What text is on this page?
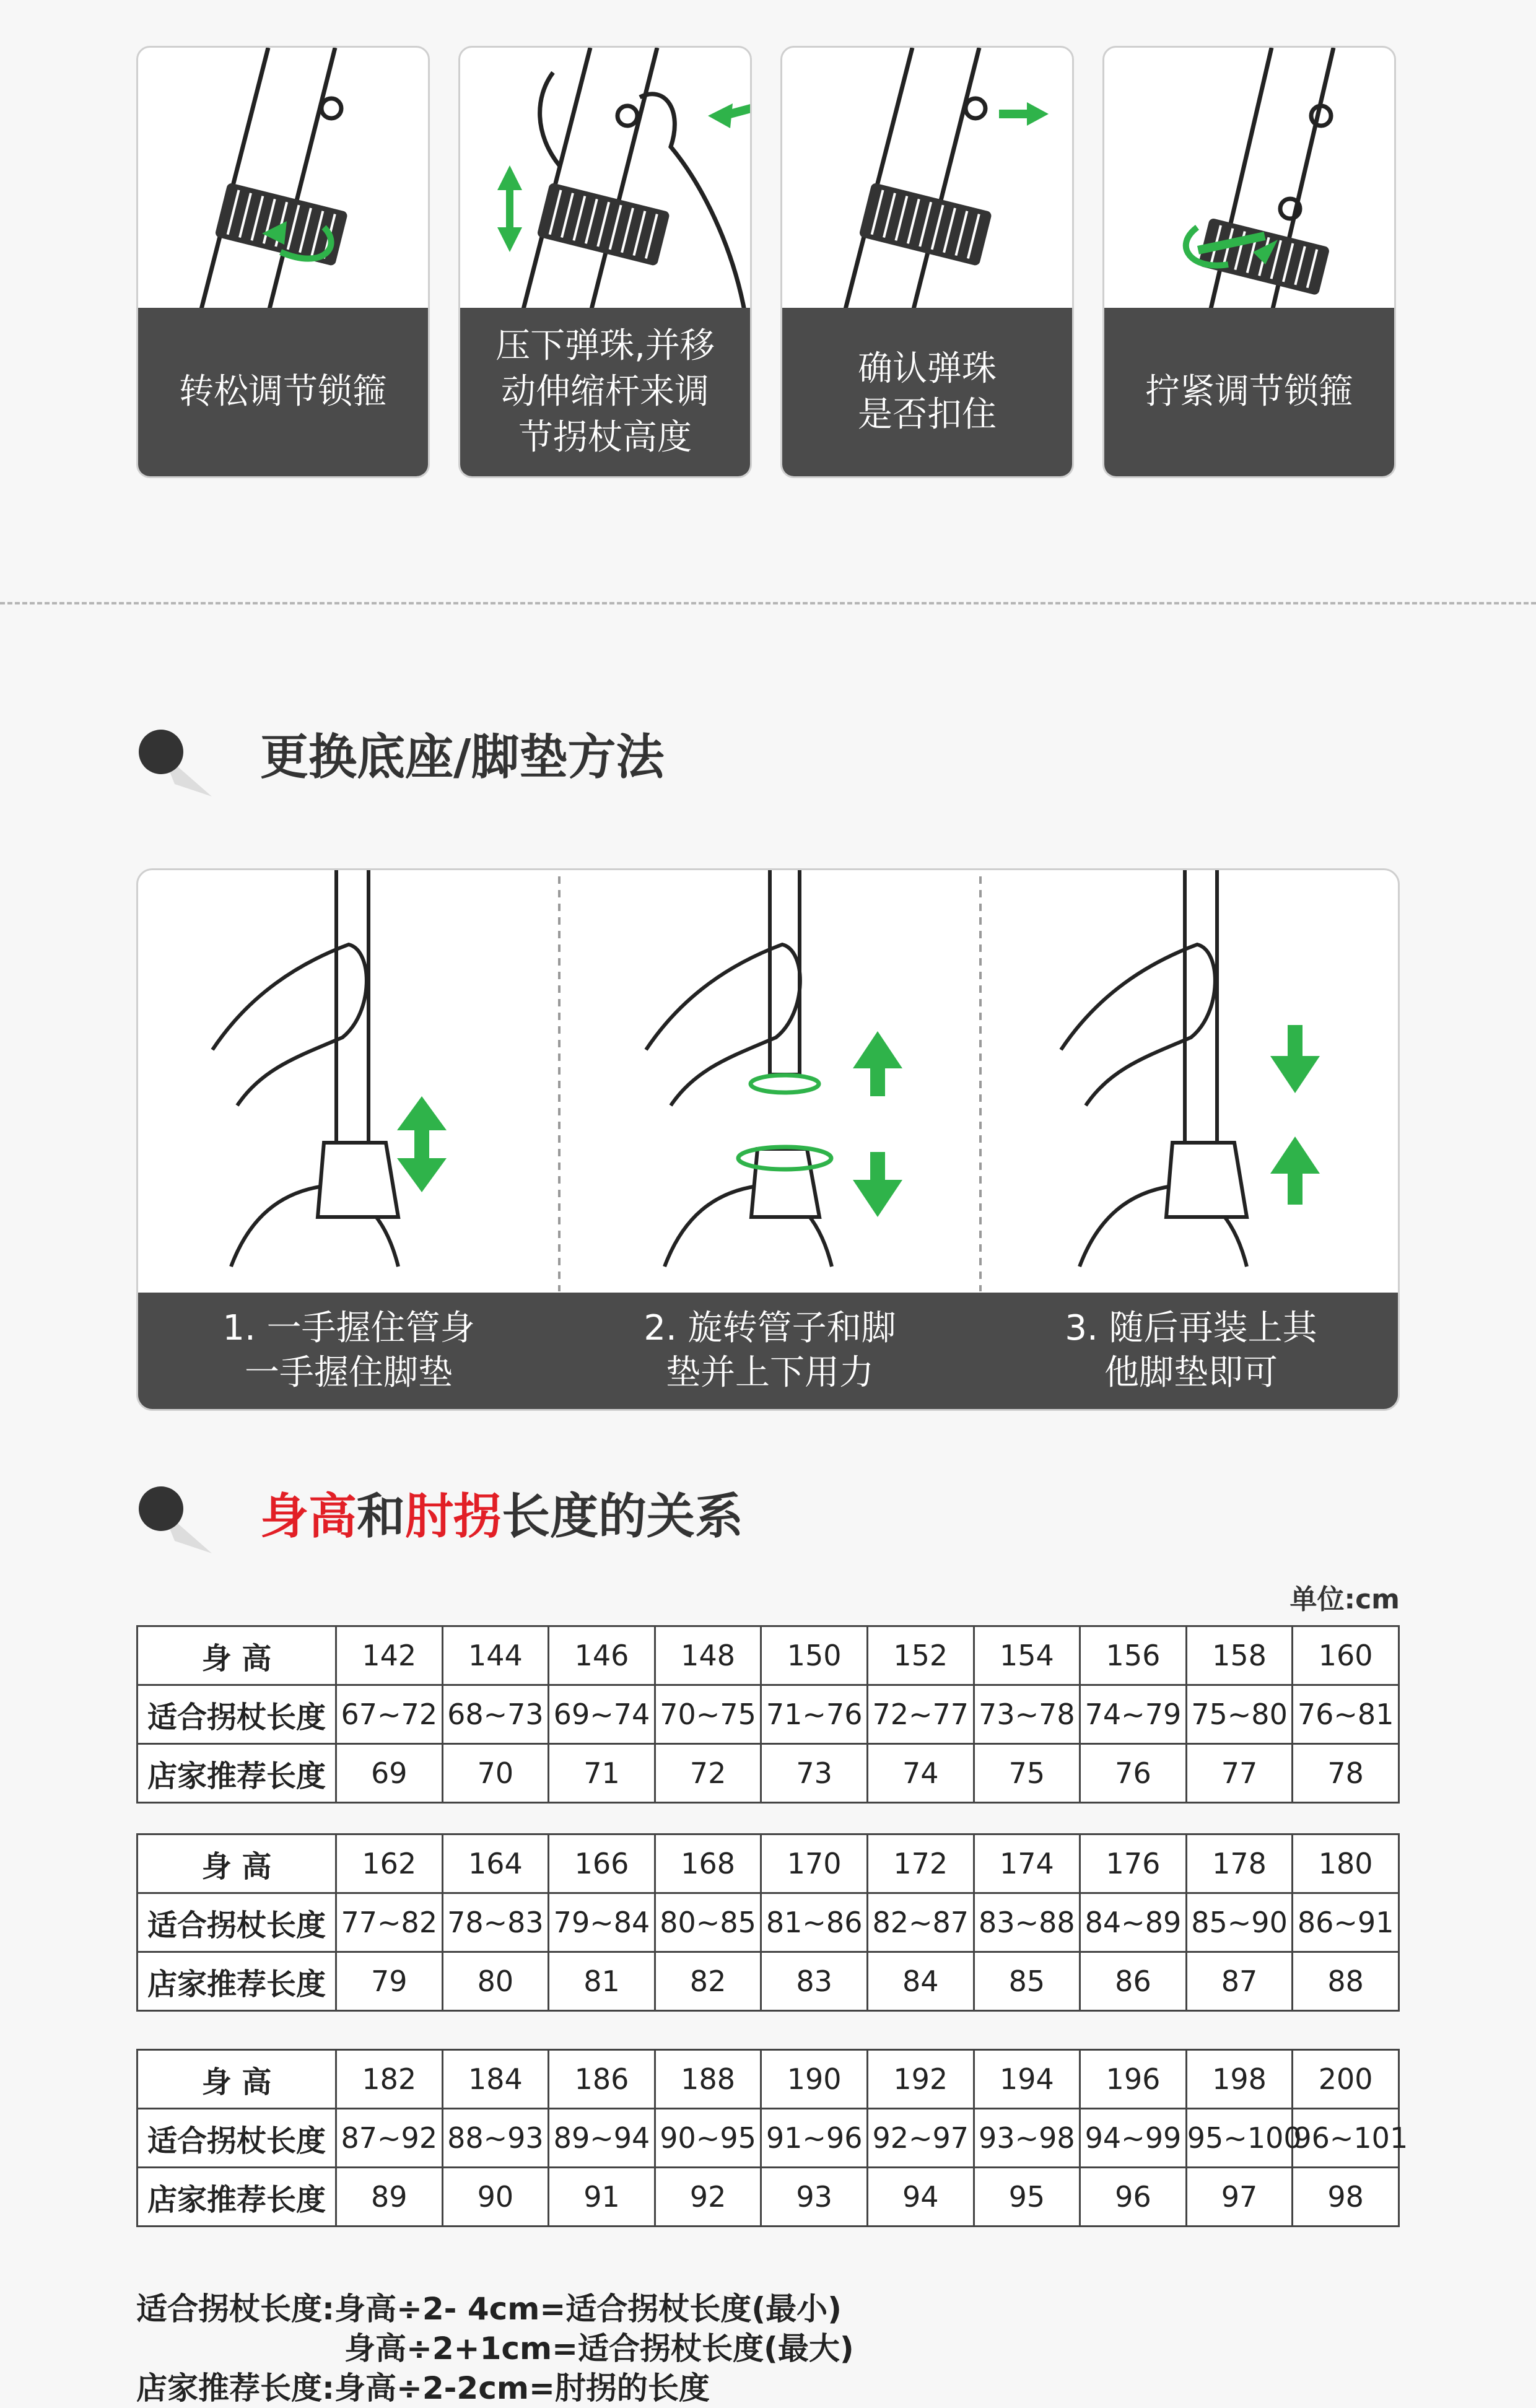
转松调节锁箍
压下弹珠,并移
动伸缩杆来调
节拐杖高度
确认弹珠
是否扣住
拧紧调节锁箍
更换底座/脚垫方法
1. 一手握住管身
一手握住脚垫
2. 旋转管子和脚
垫并上下用力
3. 随后再装上其
他脚垫即可
身高和肘拐长度的关系
单位:cm
身 高	142	144	146	148	150	152	154	156	158	160
适合拐杖长度	67~72	68~73	69~74	70~75	71~76	72~77	73~78	74~79	75~80	76~81
店家推荐长度	69	70	71	72	73	74	75	76	77	78
身 高	162	164	166	168	170	172	174	176	178	180
适合拐杖长度	77~82	78~83	79~84	80~85	81~86	82~87	83~88	84~89	85~90	86~91
店家推荐长度	79	80	81	82	83	84	85	86	87	88
身 高	182	184	186	188	190	192	194	196	198	200
适合拐杖长度	87~92	88~93	89~94	90~95	91~96	92~97	93~98	94~99	95~100	96~101
店家推荐长度	89	90	91	92	93	94	95	96	97	98
适合拐杖长度:身高÷2- 4cm=适合拐杖长度(最小)
身高÷2+1cm=适合拐杖长度(最大)
店家推荐长度:身高÷2-2cm=肘拐的长度
